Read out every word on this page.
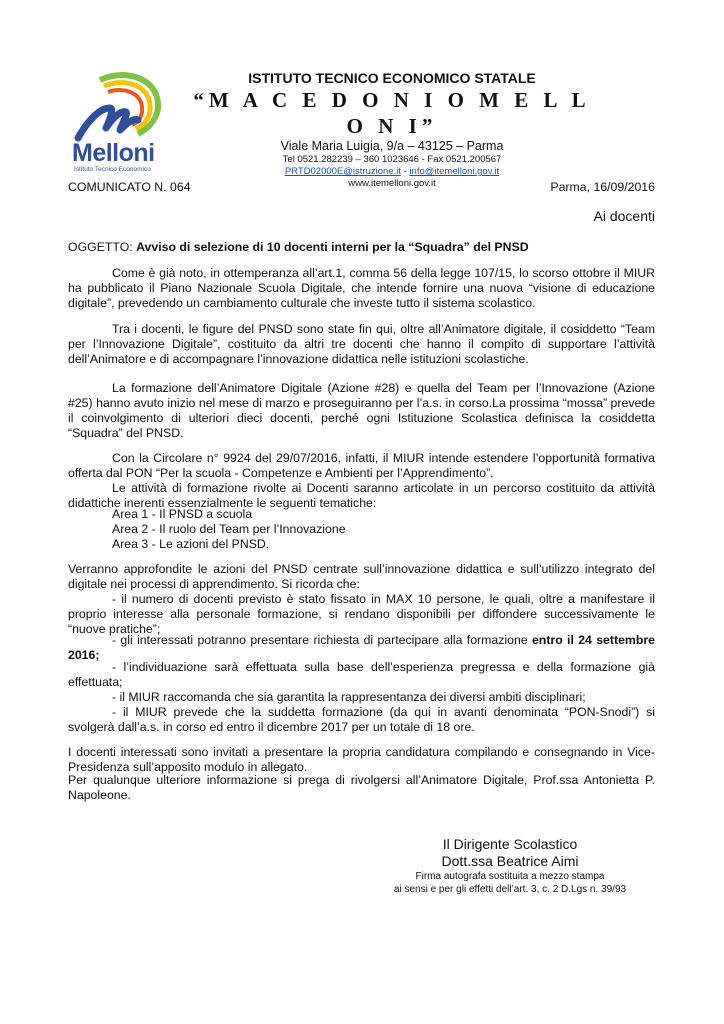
Melloni
Istituto Tecnico Economico
ISTITUTO TECNICO ECONOMICO STATALE
“M A C E D O N I O M E L L O N I”
Viale Maria Luigia, 9/a – 43125 – Parma
Tel 0521.282239 – 360 1023646 - Fax 0521.200567
PRTD02000E@istruzione.it - info@itemelloni.gov.it
www.itemelloni.gov.it
COMUNICATO N. 064	Parma, 16/09/2016
Ai docenti
OGGETTO: Avviso di selezione di 10 docenti interni per la “Squadra” del PNSD
Come è già noto, in ottemperanza all’art.1, comma 56 della legge 107/15, lo scorso ottobre il MIUR ha pubblicato il Piano Nazionale Scuola Digitale, che intende fornire una nuova “visione di educazione digitale”, prevedendo un cambiamento culturale che investe tutto il sistema scolastico.
Tra i docenti, le figure del PNSD sono state fin qui, oltre all’Animatore digitale, il cosiddetto “Team per l’Innovazione Digitale”, costituito da altri tre docenti che hanno il compito di supportare l’attività dell’Animatore e di accompagnare l’innovazione didattica nelle istituzioni scolastiche.
La formazione dell’Animatore Digitale (Azione #28) e quella del Team per l’Innovazione (Azione #25) hanno avuto inizio nel mese di marzo e proseguiranno per l’a.s. in corso.La prossima “mossa” prevede il coinvolgimento di ulteriori dieci docenti, perché ogni Istituzione Scolastica definisca la cosiddetta “Squadra” del PNSD.
Con la Circolare n° 9924 del 29/07/2016, infatti, il MIUR intende estendere l’opportunità formativa offerta dal PON “Per la scuola - Competenze e Ambienti per l’Apprendimento”.
Le attività di formazione rivolte ai Docenti saranno articolate in un percorso costituito da attività didattiche inerenti essenzialmente le seguenti tematiche:
Area 1 - Il PNSD a scuola
Area 2 - Il ruolo del Team per l’Innovazione
Area 3 - Le azioni del PNSD.
Verranno approfondite le azioni del PNSD centrate sull’innovazione didattica e sull’utilizzo integrato del digitale nei processi di apprendimento. Si ricorda che:
- il numero di docenti previsto è stato fissato in MAX 10 persone, le quali, oltre a manifestare il proprio interesse alla personale formazione, si rendano disponibili per diffondere successivamente le “nuove pratiche”;
- gli interessati potranno presentare richiesta di partecipare alla formazione entro il 24 settembre 2016;
- l’individuazione sarà effettuata sulla base dell’esperienza pregressa e della formazione già effettuata;
- il MIUR raccomanda che sia garantita la rappresentanza dei diversi ambiti disciplinari;
- il MIUR prevede che la suddetta formazione (da qui in avanti denominata “PON-Snodi”) si svolgerà dall’a.s. in corso ed entro il dicembre 2017 per un totale di 18 ore.
I docenti interessati sono invitati a presentare la propria candidatura compilando e consegnando in Vice-Presidenza sull’apposito modulo in allegato.
Per qualunque ulteriore informazione si prega di rivolgersi all’Animatore Digitale, Prof.ssa Antonietta P. Napoleone.
Il Dirigente Scolastico
Dott.ssa Beatrice Aimi
Firma autografa sostituita a mezzo stampa
ai sensi e per gli effetti dell’art. 3, c. 2 D.Lgs n. 39/93
